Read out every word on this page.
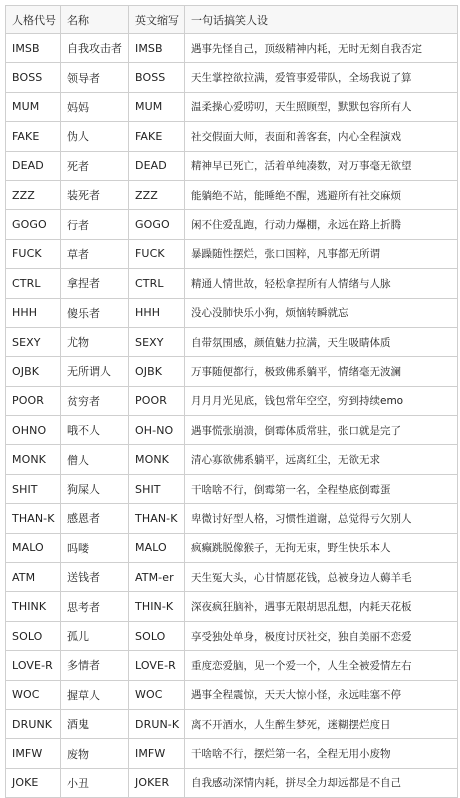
人格代号	名称	英文缩写	一句话搞笑人设
IMSB	自我攻击者	IMSB	遇事先怪自己，顶级精神内耗，无时无刻自我否定
BOSS	领导者	BOSS	天生掌控欲拉满，爱管事爱带队，全场我说了算
MUM	妈妈	MUM	温柔操心爱唠叨，天生照顾型，默默包容所有人
FAKE	伪人	FAKE	社交假面大师，表面和善客套，内心全程演戏
DEAD	死者	DEAD	精神早已死亡，活着单纯凑数，对万事毫无欲望
ZZZ	装死者	ZZZ	能躺绝不站，能睡绝不醒，逃避所有社交麻烦
GOGO	行者	GOGO	闲不住爱乱跑，行动力爆棚，永远在路上折腾
FUCK	草者	FUCK	暴躁随性摆烂，张口国粹，凡事都无所谓
CTRL	拿捏者	CTRL	精通人情世故，轻松拿捏所有人情绪与人脉
HHH	傻乐者	HHH	没心没肺快乐小狗，烦恼转瞬就忘
SEXY	尤物	SEXY	自带氛围感，颜值魅力拉满，天生吸睛体质
OJBK	无所谓人	OJBK	万事随便都行，极致佛系躺平，情绪毫无波澜
POOR	贫穷者	POOR	月月月光见底，钱包常年空空，穷到持续emo
OHNO	哦不人	OH-NO	遇事慌张崩溃，倒霉体质常驻，张口就是完了
MONK	僧人	MONK	清心寡欲佛系躺平，远离红尘，无欲无求
SHIT	狗屎人	SHIT	干啥啥不行，倒霉第一名，全程垫底倒霉蛋
THAN-K	感恩者	THAN-K	卑微讨好型人格，习惯性道谢，总觉得亏欠别人
MALO	吗喽	MALO	疯癫跳脱像猴子，无拘无束，野生快乐本人
ATM	送钱者	ATM-er	天生冤大头，心甘情愿花钱，总被身边人薅羊毛
THINK	思考者	THIN-K	深夜疯狂脑补，遇事无限胡思乱想，内耗天花板
SOLO	孤儿	SOLO	享受独处单身，极度讨厌社交，独自美丽不恋爱
LOVE-R	多情者	LOVE-R	重度恋爱脑，见一个爱一个，人生全被爱情左右
WOC	握草人	WOC	遇事全程震惊，天天大惊小怪，永远哇塞不停
DRUNK	酒鬼	DRUN-K	离不开酒水，人生醉生梦死，迷糊摆烂度日
IMFW	废物	IMFW	干啥啥不行，摆烂第一名，全程无用小废物
JOKE	小丑	JOKER	自我感动深情内耗，拼尽全力却远都是不自己
